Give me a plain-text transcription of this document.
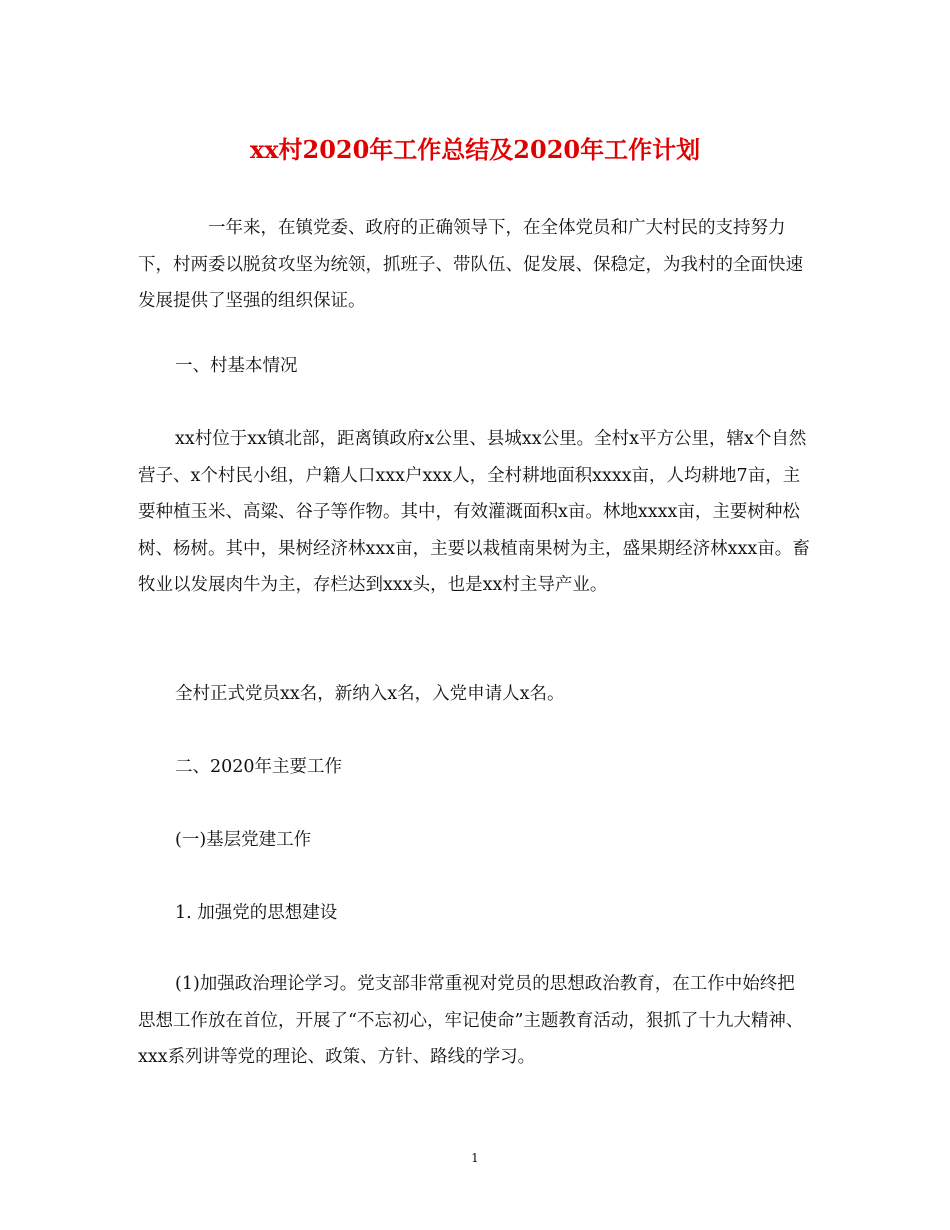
xx村2020年工作总结及2020年工作计划

一年来，在镇党委、政府的正确领导下，在全体党员和广大村民的支持努力下，村两委以脱贫攻坚为统领，抓班子、带队伍、促发展、保稳定，为我村的全面快速发展提供了坚强的组织保证。

一、村基本情况

xx村位于xx镇北部，距离镇政府x公里、县城xx公里。全村x平方公里，辖x个自然营子、x个村民小组，户籍人口xxx户xxx人，全村耕地面积xxxx亩，人均耕地7亩，主要种植玉米、高粱、谷子等作物。其中，有效灌溉面积x亩。林地xxxx亩，主要树种松树、杨树。其中，果树经济林xxx亩，主要以栽植南果树为主，盛果期经济林xxx亩。畜牧业以发展肉牛为主，存栏达到xxx头，也是xx村主导产业。

全村正式党员xx名，新纳入x名，入党申请人x名。

二、2020年主要工作

(一)基层党建工作

1. 加强党的思想建设

(1)加强政治理论学习。党支部非常重视对党员的思想政治教育，在工作中始终把思想工作放在首位，开展了“不忘初心，牢记使命”主题教育活动，狠抓了十九大精神、xxx系列讲等党的理论、政策、方针、路线的学习。

1
